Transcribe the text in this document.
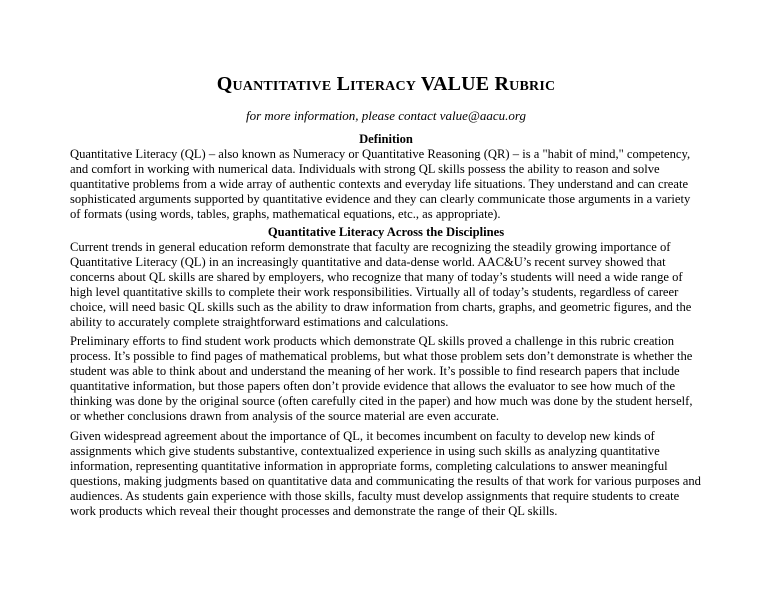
Quantitative Literacy VALUE Rubric
for more information, please contact value@aacu.org
Definition

Quantitative Literacy (QL) – also known as Numeracy or Quantitative Reasoning (QR) – is a "habit of mind," competency, and comfort in working with numerical data. Individuals with strong QL skills possess the ability to reason and solve quantitative problems from a wide array of authentic contexts and everyday life situations. They understand and can create sophisticated arguments supported by quantitative evidence and they can clearly communicate those arguments in a variety of formats (using words, tables, graphs, mathematical equations, etc., as appropriate).

Quantitative Literacy Across the Disciplines

Current trends in general education reform demonstrate that faculty are recognizing the steadily growing importance of Quantitative Literacy (QL) in an increasingly quantitative and data-dense world. AAC&U’s recent survey showed that concerns about QL skills are shared by employers, who recognize that many of today’s students will need a wide range of high level quantitative skills to complete their work responsibilities. Virtually all of today’s students, regardless of career choice, will need basic QL skills such as the ability to draw information from charts, graphs, and geometric figures, and the ability to accurately complete straightforward estimations and calculations.

Preliminary efforts to find student work products which demonstrate QL skills proved a challenge in this rubric creation process. It’s possible to find pages of mathematical problems, but what those problem sets don’t demonstrate is whether the student was able to think about and understand the meaning of her work. It’s possible to find research papers that include quantitative information, but those papers often don’t provide evidence that allows the evaluator to see how much of the thinking was done by the original source (often carefully cited in the paper) and how much was done by the student herself, or whether conclusions drawn from analysis of the source material are even accurate.

Given widespread agreement about the importance of QL, it becomes incumbent on faculty to develop new kinds of assignments which give students substantive, contextualized experience in using such skills as analyzing quantitative information, representing quantitative information in appropriate forms, completing calculations to answer meaningful questions, making judgments based on quantitative data and communicating the results of that work for various purposes and audiences. As students gain experience with those skills, faculty must develop assignments that require students to create work products which reveal their thought processes and demonstrate the range of their QL skills.
